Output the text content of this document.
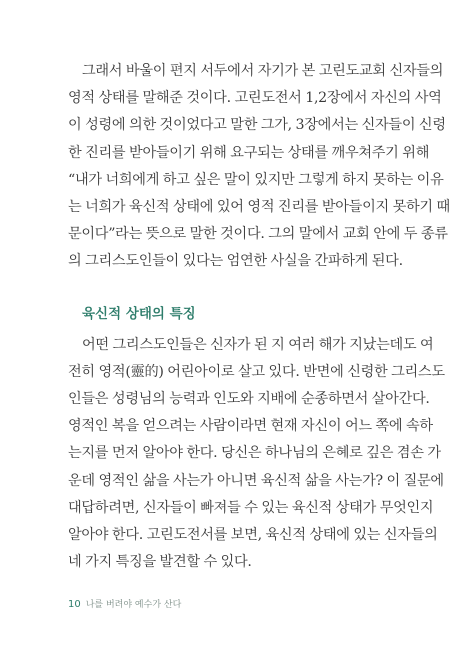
그래서 바울이 편지 서두에서 자기가 본 고린도교회 신자들의
영적 상태를 말해준 것이다. 고린도전서 1,2장에서 자신의 사역
이 성령에 의한 것이었다고 말한 그가, 3장에서는 신자들이 신령
한 진리를 받아들이기 위해 요구되는 상태를 깨우쳐주기 위해
“내가 너희에게 하고 싶은 말이 있지만 그렇게 하지 못하는 이유
는 너희가 육신적 상태에 있어 영적 진리를 받아들이지 못하기 때
문이다”라는 뜻으로 말한 것이다. 그의 말에서 교회 안에 두 종류
의 그리스도인들이 있다는 엄연한 사실을 간파하게 된다.

육신적 상태의 특징

어떤 그리스도인들은 신자가 된 지 여러 해가 지났는데도 여
전히 영적(靈的) 어린아이로 살고 있다. 반면에 신령한 그리스도
인들은 성령님의 능력과 인도와 지배에 순종하면서 살아간다.
영적인 복을 얻으려는 사람이라면 현재 자신이 어느 쪽에 속하
는지를 먼저 알아야 한다. 당신은 하나님의 은혜로 깊은 겸손 가
운데 영적인 삶을 사는가 아니면 육신적 삶을 사는가? 이 질문에
대답하려면, 신자들이 빠져들 수 있는 육신적 상태가 무엇인지
알아야 한다. 고린도전서를 보면, 육신적 상태에 있는 신자들의
네 가지 특징을 발견할 수 있다.

10 나를 버려야 예수가 산다
